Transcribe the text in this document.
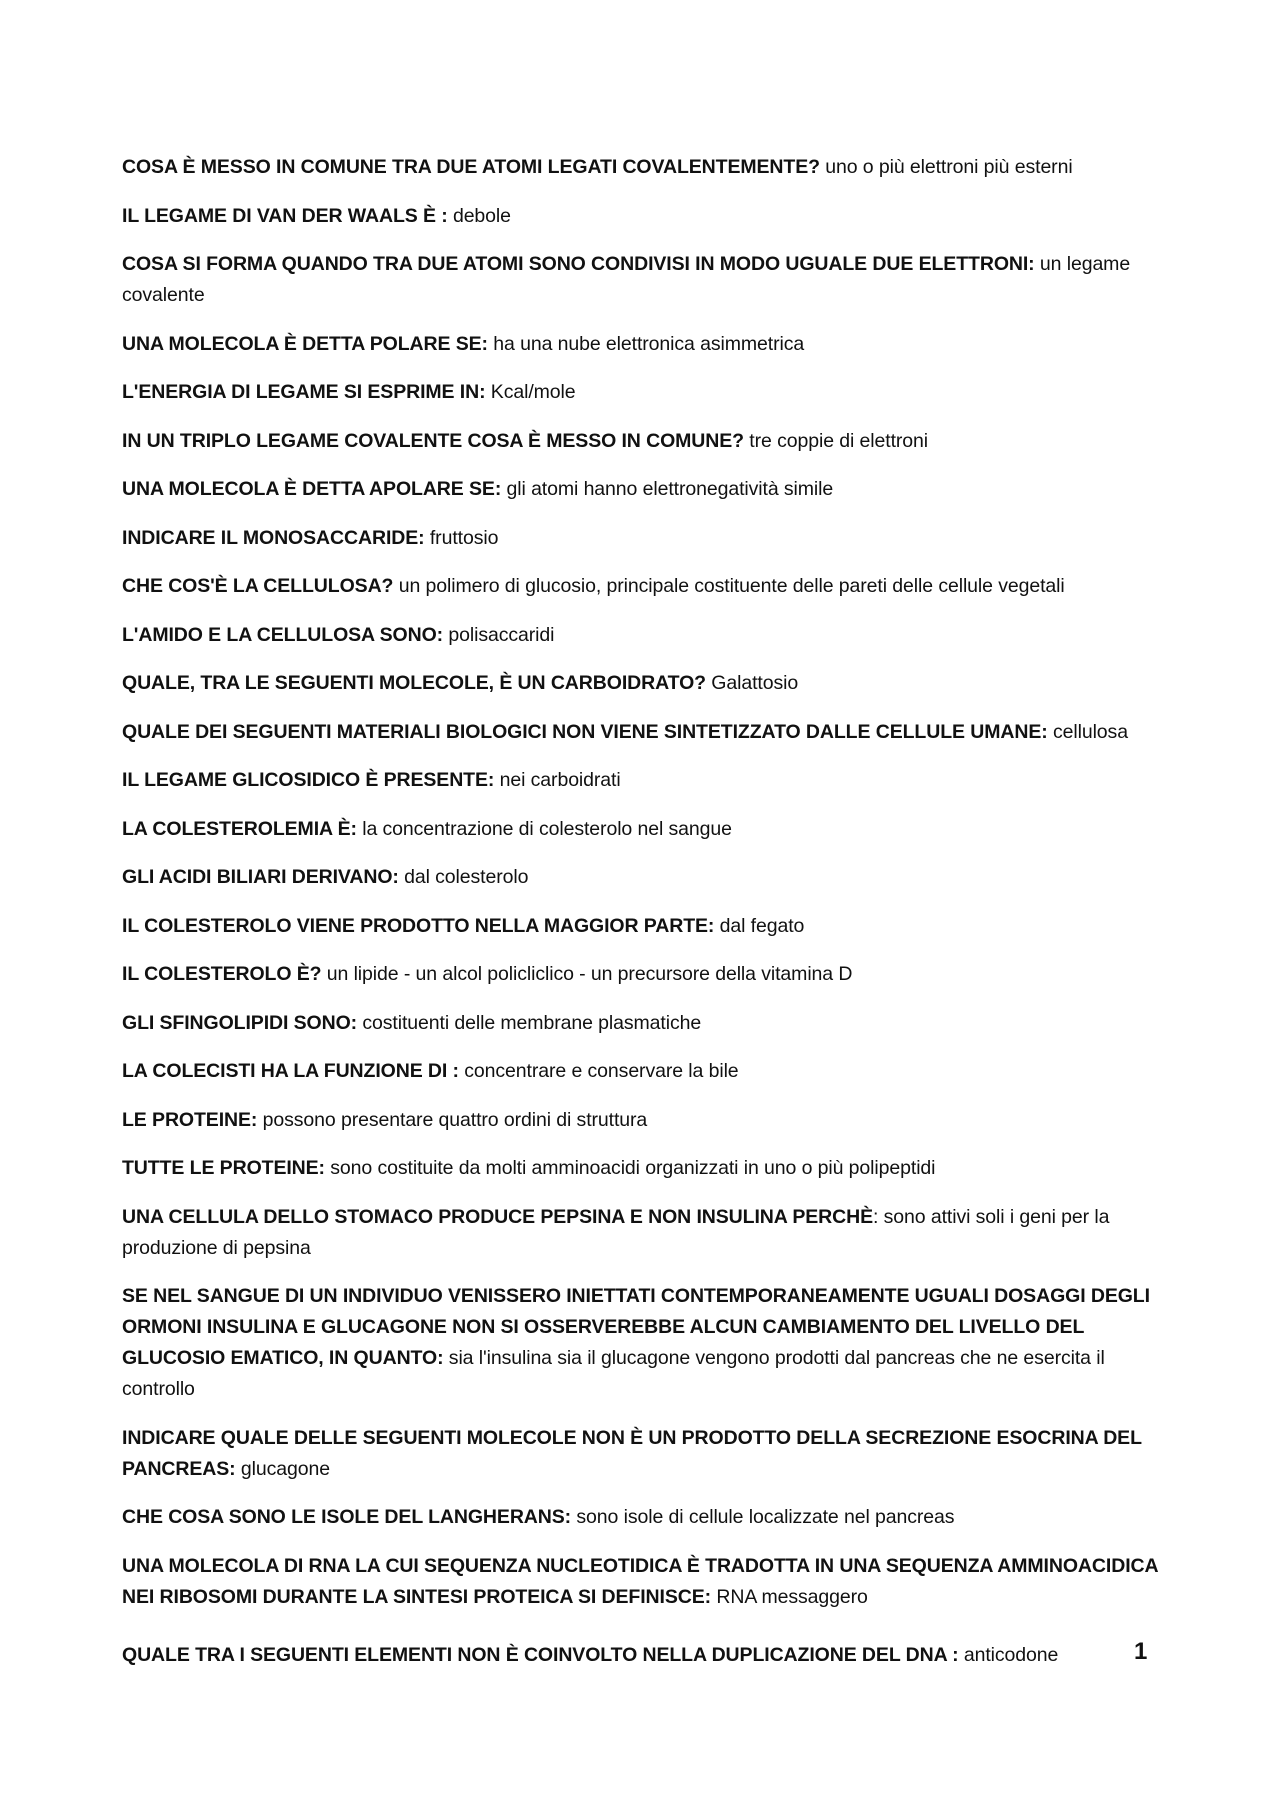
COSA È MESSO IN COMUNE TRA DUE ATOMI LEGATI COVALENTEMENTE? uno o più elettroni più esterni
IL LEGAME DI VAN DER WAALS È : debole
COSA SI FORMA QUANDO TRA DUE ATOMI SONO CONDIVISI IN MODO UGUALE DUE ELETTRONI: un legame covalente
UNA MOLECOLA È DETTA POLARE SE: ha una nube elettronica asimmetrica
L'ENERGIA DI LEGAME SI ESPRIME IN: Kcal/mole
IN UN TRIPLO LEGAME COVALENTE COSA È MESSO IN COMUNE? tre coppie di elettroni
UNA MOLECOLA È DETTA APOLARE SE: gli atomi hanno elettronegatività simile
INDICARE IL MONOSACCARIDE: fruttosio
CHE COS'È LA CELLULOSA? un polimero di glucosio, principale costituente delle pareti delle cellule vegetali
L'AMIDO E LA CELLULOSA SONO: polisaccaridi
QUALE, TRA LE SEGUENTI MOLECOLE, È UN CARBOIDRATO? Galattosio
QUALE DEI SEGUENTI MATERIALI BIOLOGICI NON VIENE SINTETIZZATO DALLE CELLULE UMANE: cellulosa
IL LEGAME GLICOSIDICO È PRESENTE: nei carboidrati
LA COLESTEROLEMIA È: la concentrazione di colesterolo nel sangue
GLI ACIDI BILIARI DERIVANO: dal colesterolo
IL COLESTEROLO VIENE PRODOTTO NELLA MAGGIOR PARTE: dal fegato
IL COLESTEROLO È? un lipide - un alcol policliclico - un precursore della vitamina D
GLI SFINGOLIPIDI SONO: costituenti delle membrane plasmatiche
LA COLECISTI HA LA FUNZIONE DI : concentrare e conservare la bile
LE PROTEINE: possono presentare quattro ordini di struttura
TUTTE LE PROTEINE: sono costituite da molti amminoacidi organizzati in uno o più polipeptidi
UNA CELLULA DELLO STOMACO PRODUCE PEPSINA E NON INSULINA PERCHÈ: sono attivi soli i geni per la produzione di pepsina
SE NEL SANGUE DI UN INDIVIDUO VENISSERO INIETTATI CONTEMPORANEAMENTE UGUALI DOSAGGI DEGLI ORMONI INSULINA E GLUCAGONE NON SI OSSERVEREBBE ALCUN CAMBIAMENTO DEL LIVELLO DEL GLUCOSIO EMATICO, IN QUANTO: sia l'insulina sia il glucagone vengono prodotti dal pancreas che ne esercita il controllo
INDICARE QUALE DELLE SEGUENTI MOLECOLE NON È UN PRODOTTO DELLA SECREZIONE ESOCRINA DEL PANCREAS: glucagone
CHE COSA SONO LE ISOLE DEL LANGHERANS: sono isole di cellule localizzate nel pancreas
UNA MOLECOLA DI RNA LA CUI SEQUENZA NUCLEOTIDICA È TRADOTTA IN UNA SEQUENZA AMMINOACIDICA NEI RIBOSOMI DURANTE LA SINTESI PROTEICA SI DEFINISCE: RNA messaggero
QUALE TRA I SEGUENTI ELEMENTI NON È COINVOLTO NELLA DUPLICAZIONE DEL DNA : anticodone	1
